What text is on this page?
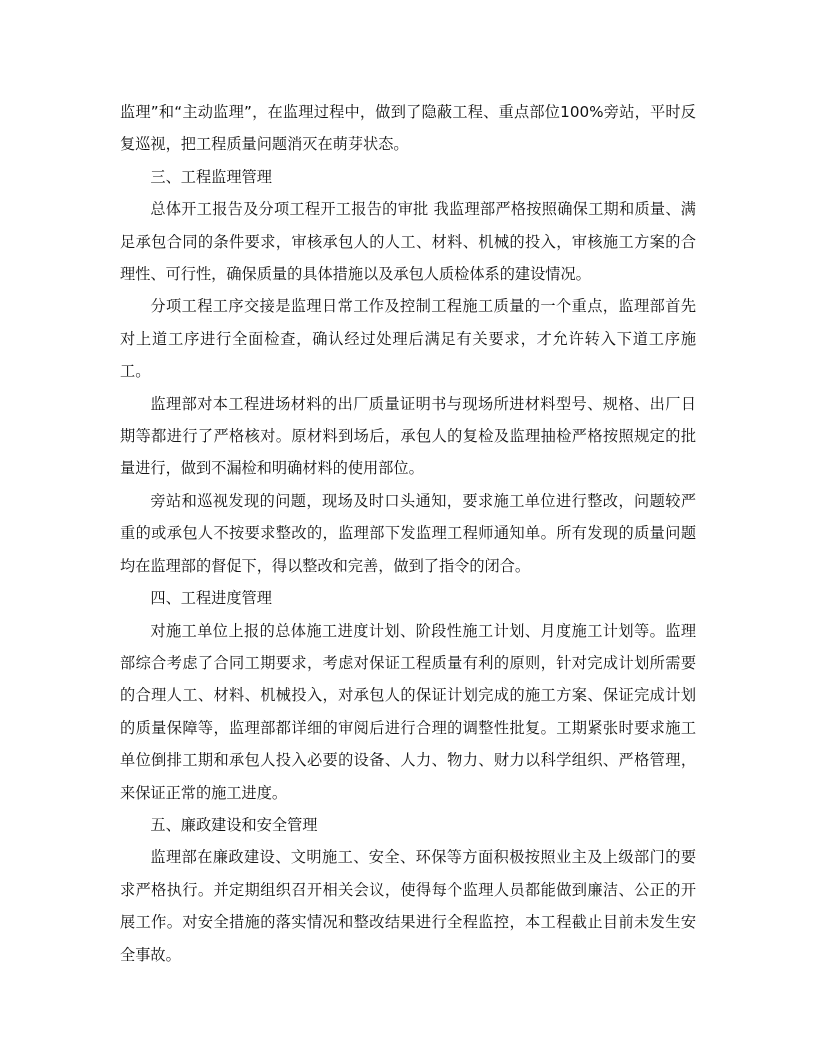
监理”和“主动监理”，在监理过程中，做到了隐蔽工程、重点部位100%旁站，平时反复巡视，把工程质量问题消灭在萌芽状态。

三、工程监理管理

总体开工报告及分项工程开工报告的审批 我监理部严格按照确保工期和质量、满足承包合同的条件要求，审核承包人的人工、材料、机械的投入，审核施工方案的合理性、可行性，确保质量的具体措施以及承包人质检体系的建设情况。

分项工程工序交接是监理日常工作及控制工程施工质量的一个重点，监理部首先对上道工序进行全面检查，确认经过处理后满足有关要求，才允许转入下道工序施工。

监理部对本工程进场材料的出厂质量证明书与现场所进材料型号、规格、出厂日期等都进行了严格核对。原材料到场后，承包人的复检及监理抽检严格按照规定的批量进行，做到不漏检和明确材料的使用部位。

旁站和巡视发现的问题，现场及时口头通知，要求施工单位进行整改，问题较严重的或承包人不按要求整改的，监理部下发监理工程师通知单。所有发现的质量问题均在监理部的督促下，得以整改和完善，做到了指令的闭合。

四、工程进度管理

对施工单位上报的总体施工进度计划、阶段性施工计划、月度施工计划等。监理部综合考虑了合同工期要求，考虑对保证工程质量有利的原则，针对完成计划所需要的合理人工、材料、机械投入，对承包人的保证计划完成的施工方案、保证完成计划的质量保障等，监理部都详细的审阅后进行合理的调整性批复。工期紧张时要求施工单位倒排工期和承包人投入必要的设备、人力、物力、财力以科学组织、严格管理，来保证正常的施工进度。

五、廉政建设和安全管理

监理部在廉政建设、文明施工、安全、环保等方面积极按照业主及上级部门的要求严格执行。并定期组织召开相关会议，使得每个监理人员都能做到廉洁、公正的开展工作。对安全措施的落实情况和整改结果进行全程监控，本工程截止目前未发生安全事故。
